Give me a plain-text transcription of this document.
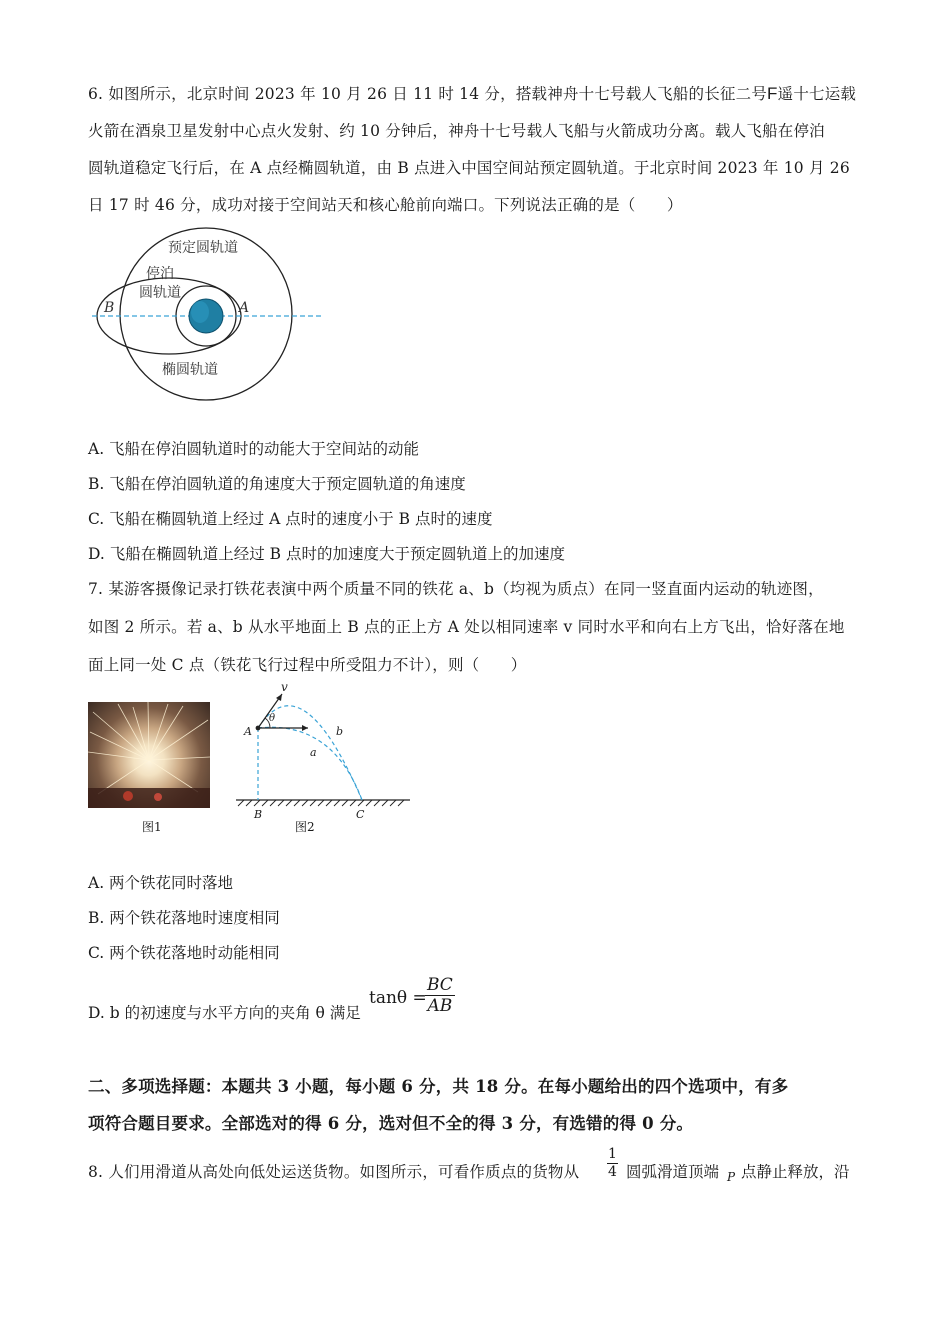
6. 如图所示，北京时间 2023 年 10 月 26 日 11 时 14 分，搭载神舟十七号载人飞船的长征二号F遥十七运载
火箭在酒泉卫星发射中心点火发射、约 10 分钟后，神舟十七号载人飞船与火箭成功分离。载人飞船在停泊
圆轨道稳定飞行后，在 A 点经椭圆轨道，由 B 点进入中国空间站预定圆轨道。于北京时间 2023 年 10 月 26
日 17 时 46 分，成功对接于空间站天和核心舱前向端口。下列说法正确的是（　　）
预定圆轨道
停泊
圆轨道
椭圆轨道
B	A
A. 飞船在停泊圆轨道时的动能大于空间站的动能
B. 飞船在停泊圆轨道的角速度大于预定圆轨道的角速度
C. 飞船在椭圆轨道上经过 A 点时的速度小于 B 点时的速度
D. 飞船在椭圆轨道上经过 B 点时的加速度大于预定圆轨道上的加速度
7. 某游客摄像记录打铁花表演中两个质量不同的铁花 a、b（均视为质点）在同一竖直面内运动的轨迹图，
如图 2 所示。若 a、b 从水平地面上 B 点的正上方 A 处以相同速率 v 同时水平和向右上方飞出，恰好落在地
面上同一处 C 点（铁花飞行过程中所受阻力不计），则（　　）
图1
v
θ
A
a
b
B	C
图2
A. 两个铁花同时落地
B. 两个铁花落地时速度相同
C. 两个铁花落地时动能相同
D. b 的初速度与水平方向的夹角 θ 满足
tanθ =
$\frac{BC}{AB}$
二、多项选择题：本题共 3 小题，每小题 6 分，共 18 分。在每小题给出的四个选项中，有多
项符合题目要求。全部选对的得 6 分，选对但不全的得 3 分，有选错的得 0 分。
8. 人们用滑道从高处向低处运送货物。如图所示，可看作质点的货物从 $\frac{1}{4}$ 圆弧滑道顶端 P 点静止释放，沿
